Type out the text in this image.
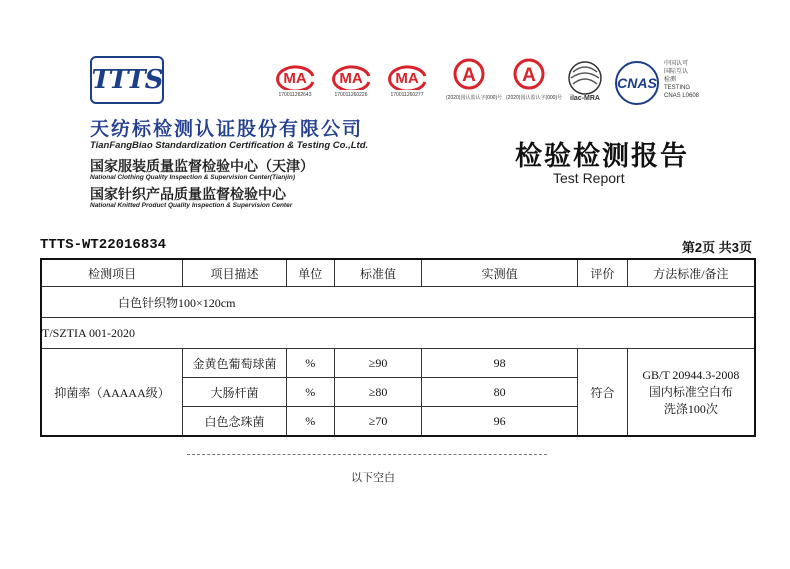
TTTS
天纺标检测认证股份有限公司
TianFangBiao Standardization Certification & Testing Co.,Ltd.
国家服装质量监督检验中心（天津）
National Clothing Quality Inspection & Supervision Center(Tianjin)
国家针织产品质量监督检验中心
National Knitted Product Quality Inspection & Supervision Center
MA
170011262643
MA
170011260226
MA
170011260277
A
(2020)国认监认字(000)号
A
(2020)国认监认字(000)号 ilac-MRA
CNAS
中国认可
国际互认
检测
TESTING
CNAS L0608
检验检测报告
Test Report
TTTS-WT22016834	第2页 共3页
检测项目	项目描述	单位	标准值	实测值	评价	方法标准/备注
白色针织物100×120cm						
T/SZTIA 001-2020						
抑菌率（AAAAA级）	金黄色葡萄球菌	%	≥90	98	符合	GB/T 20944.3-2008
国内标准空白布
洗涤100次

	大肠杆菌	%	≥80	80		
	白色念珠菌	%	≥70	96		
以下空白
